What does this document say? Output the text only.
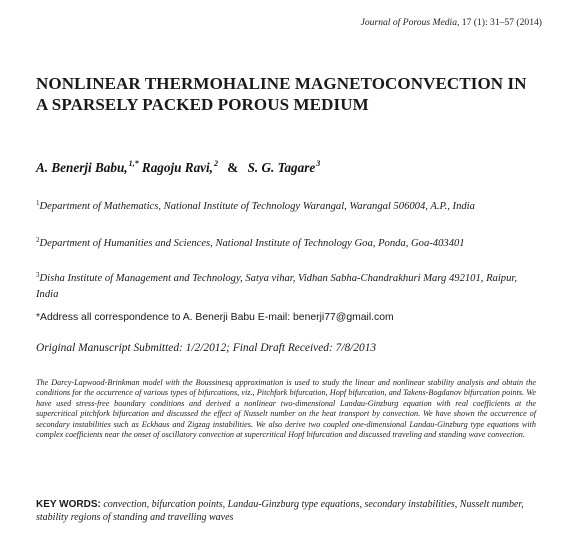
Journal of Porous Media, 17 (1): 31–57 (2014)
NONLINEAR THERMOHALINE MAGNETOCONVECTION IN A SPARSELY PACKED POROUS MEDIUM
A. Benerji Babu,$^{1,*}$ Ragoju Ravi,$^2$ & S. G. Tagare$^3$
$^1$Department of Mathematics, National Institute of Technology Warangal, Warangal 506004, A.P., India
$^2$Department of Humanities and Sciences, National Institute of Technology Goa, Ponda, Goa-403401
$^3$Disha Institute of Management and Technology, Satya vihar, Vidhan Sabha-Chandrakhuri Marg 492101, Raipur, India
*Address all correspondence to A. Benerji Babu E-mail: benerji77@gmail.com
Original Manuscript Submitted: 1/2/2012; Final Draft Received: 7/8/2013
The Darcy-Lapwood-Brinkman model with the Boussinesq approximation is used to study the linear and nonlinear stability analysis and obtain the conditions for the occurrence of various types of bifurcations, viz., Pitchfork bifurcation, Hopf bifurcation, and Takens-Bogdanov bifurcation points. We have used stress-free boundary conditions and derived a nonlinear two-dimensional Landau-Ginzburg equation with real coefficients at the supercritical pitchfork bifurcation and discussed the effect of Nusselt number on the heat transport by convection. We have shown the occurrence of secondary instabilities such as Eckhaus and Zigzag instabilities. We also derive two coupled one-dimensional Landau-Ginzburg type equations with complex coefficients near the onset of oscillatory convection at supercritical Hopf bifurcation and discussed traveling and standing wave convection.
KEY WORDS: convection, bifurcation points, Landau-Ginzburg type equations, secondary instabilities, Nusselt number, stability regions of standing and travelling waves
